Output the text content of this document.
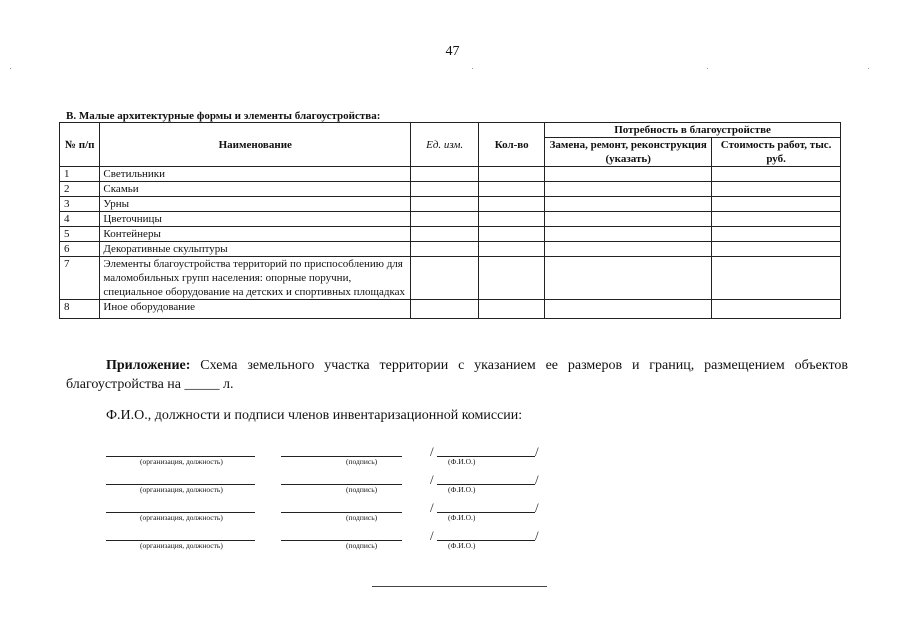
47
В. Малые архитектурные формы и элементы благоустройства:
№ п/п	Наименование	Ед. изм.	Кол-во	Потребность в благоустройстве	
				Замена, ремонт, реконструкция (указать)	Стоимость работ, тыс. руб.
1	Светильники				
2	Скамьи				
3	Урны				
4	Цветочницы				
5	Контейнеры				
6	Декоративные скульптуры				
7	Элементы благоустройства территорий по приспособлению для маломобильных групп населения: опорные поручни, специальное оборудование на детских и спортивных площадках				
8	Иное оборудование				
Приложение: Схема земельного участка территории с указанием ее размеров и границ, размещением объектов благоустройства на _____ л.
Ф.И.О., должности и подписи членов инвентаризационной комиссии:
/	/
(организация, должность)	(подпись)	(Ф.И.О.)
/	/
(организация, должность)	(подпись)	(Ф.И.О.)
/	/
(организация, должность)	(подпись)	(Ф.И.О.)
/	/
(организация, должность)	(подпись)	(Ф.И.О.)
